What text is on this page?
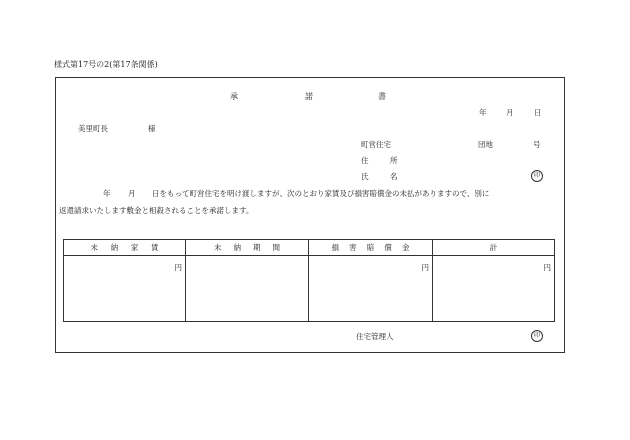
様式第17号の2(第17条関係)
承	諾	書
年	月	日
美里町長	様
町営住宅	団地	号
住	所
氏	名	印
年 月 日をもって町営住宅を明け渡しますが、次のとおり家賃及び損害賠償金の未払がありますので、別に
返還請求いたします敷金と相殺されることを承諾します。
未 納 家 賃	未 納 期 間	損 害 賠 償 金	計
円		円	円
住宅管理人	印
